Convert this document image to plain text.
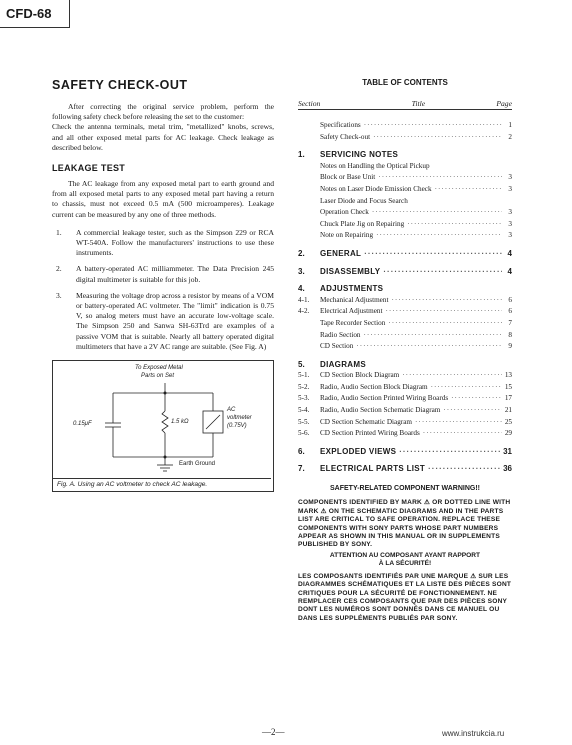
CFD-68
SAFETY CHECK-OUT

After correcting the original service problem, perform the following safety check before releasing the set to the customer:

Check the antenna terminals, metal trim, "metallized" knobs, screws, and all other exposed metal parts for AC leakage. Check leakage as described below.

LEAKAGE TEST

The AC leakage from any exposed metal part to earth ground and from all exposed metal parts to any exposed metal part having a return to chassis, must not exceed 0.5 mA (500 microamperes). Leakage current can be measured by any one of three methods.

1.	A commercial leakage tester, such as the Simpson 229 or RCA WT-540A. Follow the manufacturers' instructions to use these instruments.
2.	A battery-operated AC milliammeter. The Data Precision 245 digital multimeter is suitable for this job.
3.	Measuring the voltage drop across a resistor by means of a VOM or battery-operated AC voltmeter. The "limit" indication is 0.75 V, so analog meters must have an accurate low-voltage scale. The Simpson 250 and Sanwa SH-63Trd are examples of a passive VOM that is suitable. Nearly all battery operated digital multimeters that have a 2V AC range are suitable. (See Fig. A)
To Exposed Metal
Parts on Set
0.15μF	1.5 kΩ
AC
voltmeter
(0.75V)
Earth Ground
Fig. A. Using an AC voltmeter to check AC leakage.
TABLE OF CONTENTS
Section	Title	Page
Specifications ·····	1
Safety Check-out ·····	2
1.	SERVICING NOTES
Notes on Handling the Optical Pickup
Block or Base Unit ·····	3
Notes on Laser Diode Emission Check ·····	3
Laser Diode and Focus Search
Operation Check ·····	3
Chuck Plate Jig on Repairing ·····	3
Note on Repairing ·····	3
2.	GENERAL ·····	4
3.	DISASSEMBLY ·····	4
4.	ADJUSTMENTS
4-1.	Mechanical Adjustment ·····	6
4-2.	Electrical Adjustment ·····	6
Tape Recorder Section ·····	7
Radio Section ·····	8
CD Section ·····	9
5.	DIAGRAMS
5-1.	CD Section Block Diagram ·····	13
5-2.	Radio, Audio Section Block Diagram ·····	15
5-3.	Radio, Audio Section Printed Wiring Boards ·····	17
5-4.	Radio, Audio Section Schematic Diagram ·····	21
5-5.	CD Section Schematic Diagram ·····	25
5-6.	CD Section Printed Wiring Boards ·····	29
6.	EXPLODED VIEWS ·····	31
7.	ELECTRICAL PARTS LIST ·····	36
SAFETY-RELATED COMPONENT WARNING!!
COMPONENTS IDENTIFIED BY MARK ⚠ OR DOTTED LINE WITH MARK ⚠ ON THE SCHEMATIC DIAGRAMS AND IN THE PARTS LIST ARE CRITICAL TO SAFE OPERATION. REPLACE THESE COMPONENTS WITH SONY PARTS WHOSE PART NUMBERS APPEAR AS SHOWN IN THIS MANUAL OR IN SUPPLEMENTS PUBLISHED BY SONY.
ATTENTION AU COMPOSANT AYANT RAPPORT
À LA SÉCURITÉ!
LES COMPOSANTS IDENTIFIÉS PAR UNE MARQUE ⚠ SUR LES DIAGRAMMES SCHÉMATIQUES ET LA LISTE DES PIÈCES SONT CRITIQUES POUR LA SÉCURITÉ DE FONCTIONNEMENT. NE REMPLACER CES COMPOSANTS QUE PAR DES PIÈCES SONY DONT LES NUMÉROS SONT DONNÉS DANS CE MANUEL OU DANS LES SUPPLÉMENTS PUBLIÉS PAR SONY.
—2—	www.instrukcia.ru
